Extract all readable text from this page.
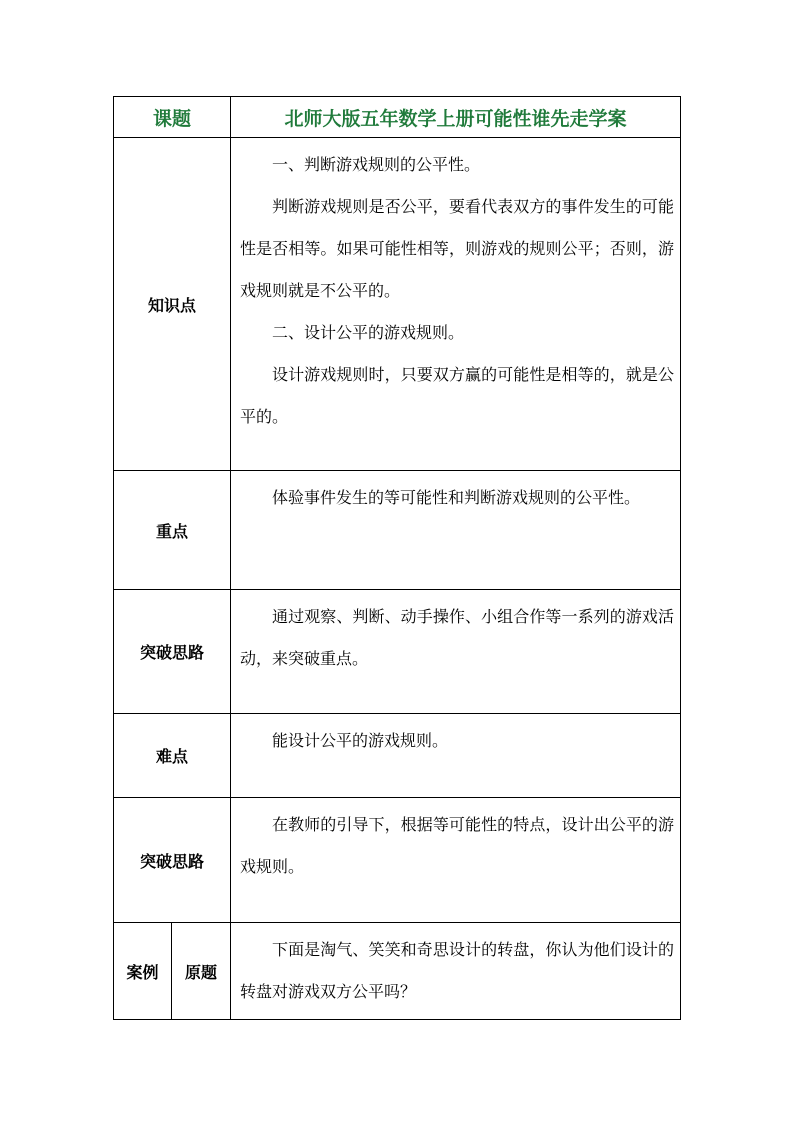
课题		北师大版五年数学上册可能性谁先走学案
知识点		一、判断游戏规则的公平性。

判断游戏规则是否公平，要看代表双方的事件发生的可能性是否相等。如果可能性相等，则游戏的规则公平；否则，游戏规则就是不公平的。

二、设计公平的游戏规则。

设计游戏规则时，只要双方赢的可能性是相等的，就是公平的。

重点		体验事件发生的等可能性和判断游戏规则的公平性。

突破思路		通过观察、判断、动手操作、小组合作等一系列的游戏活动，来突破重点。

难点		能设计公平的游戏规则。

突破思路		在教师的引导下，根据等可能性的特点，设计出公平的游戏规则。

案例	原题	下面是淘气、笑笑和奇思设计的转盘，你认为他们设计的转盘对游戏双方公平吗？
